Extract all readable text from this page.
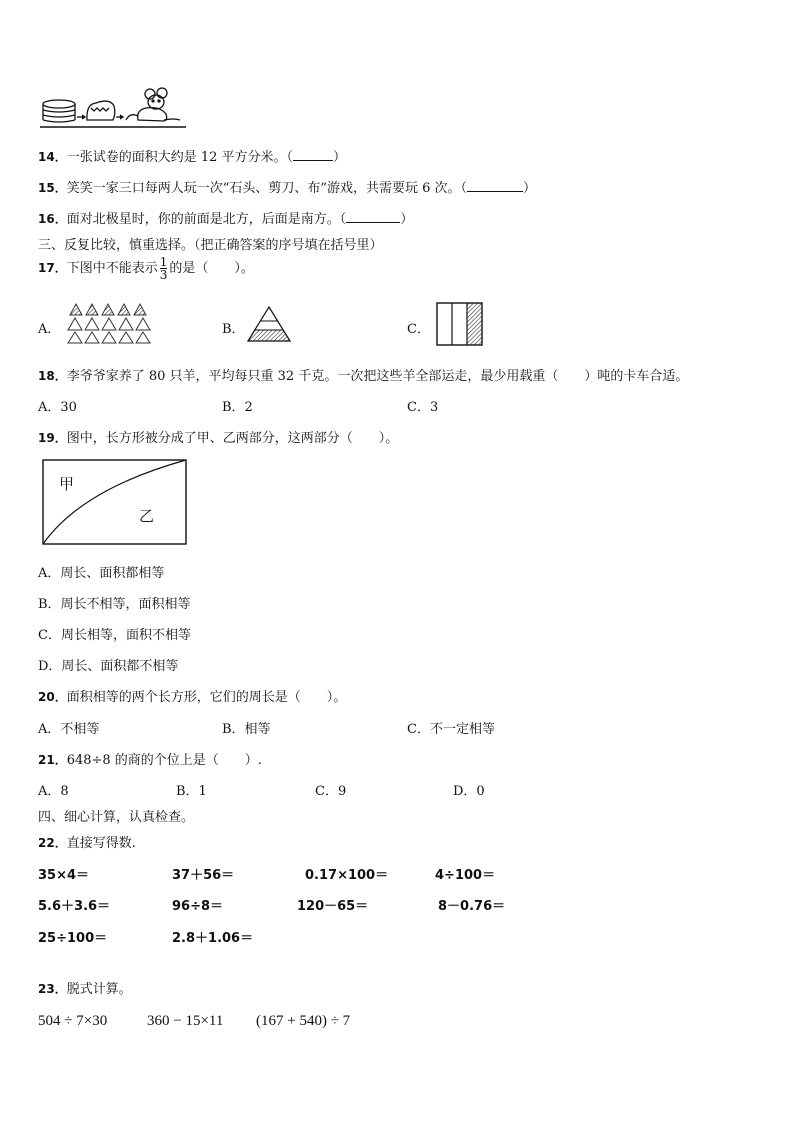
14．一张试卷的面积大约是 12 平方分米。（	）
15．笑笑一家三口每两人玩一次“石头、剪刀、布”游戏，共需要玩 6 次。（	）
16．面对北极星时，你的前面是北方，后面是南方。（	）
三、反复比较，慎重选择。（把正确答案的序号填在括号里）
17．下图中不能表示 $\frac{1}{3}$ 的是（　　）。
A．	B．	C．
18．李爷爷家养了 80 只羊，平均每只重 32 千克。一次把这些羊全部运走，最少用载重（　　）吨的卡车合适。
A．30	B．2	C．3
19．图中，长方形被分成了甲、乙两部分，这两部分（　　）。
甲
乙
A．周长、面积都相等
B．周长不相等，面积相等
C．周长相等，面积不相等
D．周长、面积都不相等
20．面积相等的两个长方形，它们的周长是（　　）。
A．不相等	B．相等	C．不一定相等
21．648÷8 的商的个位上是（　　）.
A．8	B．1	C．9	D．0
四、细心计算，认真检查。
22．直接写得数.
35×4＝	37＋56＝	0.17×100＝	4÷100＝
5.6＋3.6＝	96÷8＝	120－65＝	8－0.76＝
25÷100＝	2.8＋1.06＝
23．脱式计算。
504 ÷ 7×30	360 − 15×11 (167 + 540) ÷ 7
